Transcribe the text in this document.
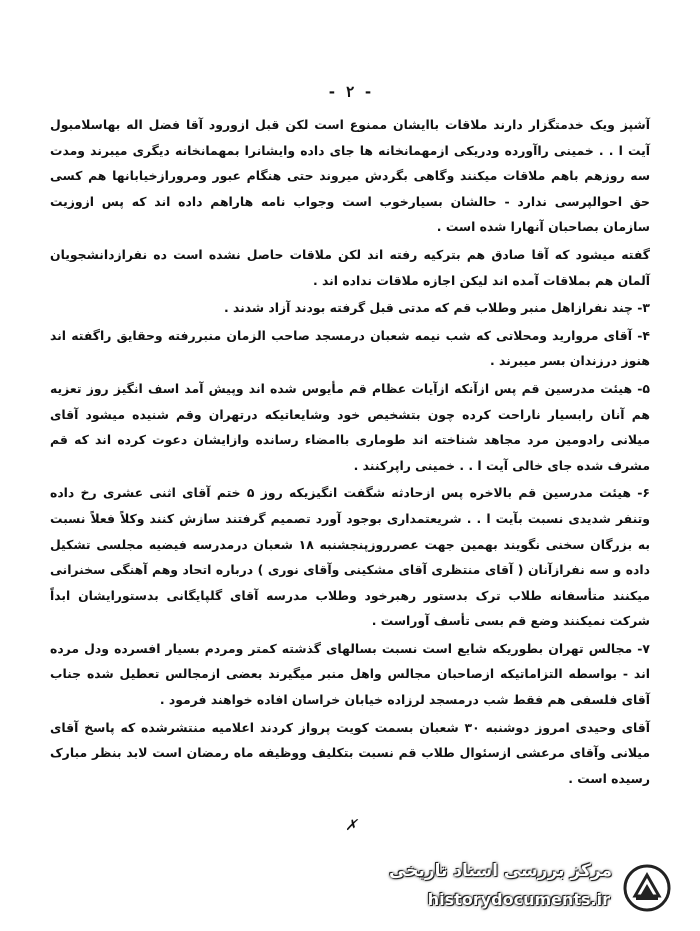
- ۲ -

آشپز ویک خدمتگزار دارند ملاقات باایشان ممنوع است لکن قبل ازورود آقا فضل اله بهاسلامبول آیت ا . . خمینی راآورده ودریکی ازمهمانخانه ها جای داده وایشانرا بمهمانخانه دیگری میبرند ومدت سه روزهم باهم ملاقات میکنند وگاهی بگردش میروند حتی هنگام عبور ومرورازخیابانها هم کسی حق احوالپرسی ندارد - حالشان بسیارخوب است وجواب نامه هاراهم داده اند که پس ازوزیت سازمان بصاحبان آنهارا شده است .

گفته میشود که آقا صادق هم بترکیه رفته اند لکن ملاقات حاصل نشده است ده نفرازدانشجویان آلمان هم بملاقات آمده اند لیکن اجازه ملاقات نداده اند .

۳- چند نفرازاهل منبر وطلاب قم که مدتی قبل گرفته بودند آزاد شدند .

۴- آقای مروارید ومحلاتی که شب نیمه شعبان درمسجد صاحب الزمان منبررفته وحقایق راگفته اند هنوز درزندان بسر میبرند .

۵- هیئت مدرسین قم پس ازآنکه ازآیات عظام قم مأیوس شده اند وپیش آمد اسف انگیز روز تعزیه هم آنان رابسیار ناراحت کرده چون بتشخیص خود وشایعاتیکه درتهران وقم شنیده میشود آقای میلانی رادومین مرد مجاهد شناخته اند طوماری باامضاء رسانده وازایشان دعوت کرده اند که قم مشرف شده جای خالی آیت ا . . خمینی راپرکنند .

۶- هیئت مدرسین قم بالاخره پس ازحادثه شگفت انگیزیکه روز ۵ ختم آقای اثنی عشری رخ داده وتنفر شدیدی نسبت بآیت ا . . شریعتمداری بوجود آورد تصمیم گرفتند سازش کنند وکلاً فعلاً نسبت به بزرگان سخنی نگویند بهمین جهت عصرروزپنجشنبه ۱۸ شعبان درمدرسه فیضیه مجلسی تشکیل داده و سه نفرازآنان ( آقای منتظری آقای مشکینی وآقای نوری ) درباره اتحاد وهم آهنگی سخنرانی میکنند متأسفانه طلاب ترک بدستور رهبرخود وطلاب مدرسه آقای گلپایگانی بدستورایشان ابداً شرکت نمیکنند وضع قم بسی تأسف آوراست .

۷- مجالس تهران بطوریکه شایع است نسبت بسالهای گذشته کمتر ومردم بسیار افسرده ودل مرده اند - بواسطه التزاماتیکه ازصاحبان مجالس واهل منبر میگیرند بعضی ازمجالس تعطیل شده جناب آقای فلسفی هم فقط شب درمسجد لرزاده خیابان خراسان افاده خواهند فرمود .

آقای وحیدی امروز دوشنبه ۳۰ شعبان بسمت کویت پرواز کردند اعلامیه منتشرشده که پاسخ آقای میلانی وآقای مرعشی ازسئوال طلاب قم نسبت بتکلیف ووظیفه ماه رمضان است لابد بنظر مبارک رسیده است .

✗
مرکز بررسی اسناد تاریخی
historydocuments.ir
